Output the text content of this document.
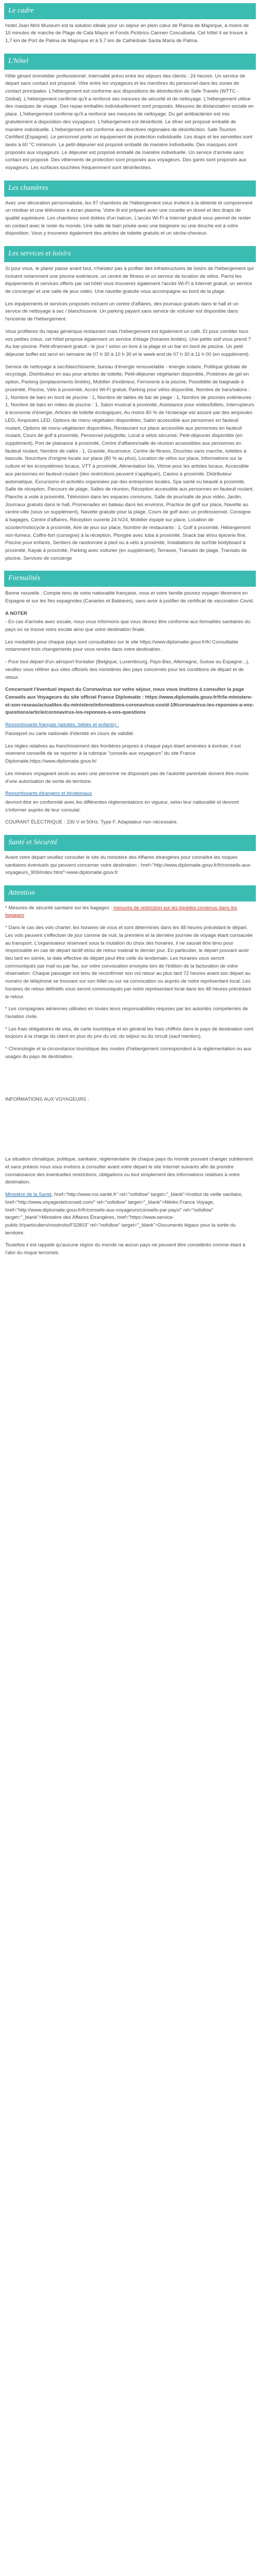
Le cadre

Hotel Joan Miró Museum est la solution idéale pour un séjour en plein cœur de Palma de Majorque, à moins de 10 minutes de marche de Plage de Cala Mayor et Fonds Pictòrics Carmen Cosculluela. Cet hôtel 4 se trouve à 1,7 km de Port de Palma de Majorque et à 5,7 km de Cathédrale Santa María de Palma.

L'hôtel

Hôte gérant immobilier professionnel. Internalité prévu entre les séjours des clients : 24 heures. Un service de départ sans contact est proposé. Vitre entre les voyageurs et les membres du personnel dans les zones de contact principales. L'hébergement est conforme aux dispositions de désinfection de Safe Travels (WTTC - Global). L'hébergement confirme qu'il a renforcé ses mesures de sécurité et de nettoyage. L'hébergement utilise des masques de visage. Des repas emballés individuellement sont proposés. Mesures de distanciation sociale en place. L'hébergement confirme qu'il a renforcé ses mesures de nettoyage. Du gel antibactérien est mis gratuitement à disposition des voyageurs. L'hébergement est désinfecté. Le dîner est proposé emballé de manière individuelle. L'hébergement est conforme aux directives régionales de désinfection. Safe Tourism Certified (Espagne). Le personnel porte un équipement de protection individuelle. Les draps et les serviettes sont lavés à 60 °C minimum. Le petit-déjeuner est proposé emballé de manière individuelle. Des masques sont proposés aux voyageurs. Le déjeuner est proposé emballé de manière individuelle. Un service d'arrivée sans contact est proposé. Des vêtements de protection sont proposés aux voyageurs. Des gants sont proposés aux voyageurs. Les surfaces touchées fréquemment sont désinfectées.

Les chambres

Avec une décoration personnalisée, les 97 chambres de l'hébergement vous invitent à la détente et comprennent un minibar et une télévision à écran plasma. Votre lit est préparé avec une couette en duvet et des draps de qualité supérieure. Les chambres sont dotées d'un balcon. L'accès Wi-Fi à Internet gratuit vous permet de rester en contact avec le reste du monde. Une salle de bain privée avec une baignoire ou une douche est à votre disposition. Vous y trouverez également des articles de toilette gratuits et un sèche-cheveux.

Les services et loisirs

Si pour vous, le plaisir passe avant tout, n'hésitez pas à profiter des infrastructures de loisirs de l'hébergement qui incluent notamment une piscine extérieure, un centre de fitness et un service de location de vélos. Parmi les équipements et services offerts par cet hôtel vous trouverez également l'accès Wi-Fi à Internet gratuit, un service de concierge/ et une salle de jeux vidéo. Une navette gratuite vous accompagne au bord de la plage.

Les équipements et services proposés incluent un centre d'affaires, des journaux gratuits dans le hall et un service de nettoyage à sec / blanchisserie. Un parking payant sans service de voiturier est disponible dans l'enceinte de l'hébergement.

Vous profiterez du repas générique restaurant mais l'hébergement est également un café. Et pour combler tous vos petites creux, cet hôtel propose également un service d'étage (horaires limités). Une petite soif vous prend ? Au bar-piscine. Petit-dînement gratuit - le jour / selon un livre à la plage et un bar en bord de piscine. Un petit déjeuner buffet est servi en semaine de 07 h 30 à 10 h 30 et le week-end de 07 h 30 à 11 h 00 (en supplément).

Service de nettoyage à sec/blanchisserie, bureau d'énergie renouvelable - énergie solaire, Politique globale de recyclage, Distributeur en eau pour articles de toilette, Petit-déjeuner végétarien disponible, Protéines de gel en option, Parking (emplacements limités), Mobilier d'extérieur, Ferronerie à la piscine, Possibilité de baignade à proximité, Piscine, Vélo à proximité, Accès Wi-Fi gratuit, Parking pour vélos disponible, Nombre de bars/salons : 1, Nombre de bars en bord de piscine : 1, Nombre de tables de bar de plage : 1, Nombre de piscines extérieures : 1, Nombre de bars en milieu de piscine : 1, Salon musical à proximité, Assistance pour visites/billets, Interrupteurs à économie d'énergie, Articles de toilette écologiques, Au moins 80 % de l'éclairage est assuré par des ampoules LED, Ampoules LED, Options de menu végétalien disponibles, Salon accessible aux personnes en fauteuil roulant, Options de menu végétarien disponibles, Restaurant sur place accessible aux personnes en fauteuil roulant, Cours de golf à proximité, Personnel polyglotte, Local à vélos sécurisé, Petit-déjeuner disponible (en supplément), Port de plaisance à proximité, Centre d'affaires/salle de réunion accessibles aux personnes en fauteuil roulant, Nombre de cafés : 1, Gravide, Ascenseur, Centre de fitness, Douches sans marche, toilettes à bascule, Nourriture d'origine locale sur place (80 % au plus), Location de vélos sur place, Informations sur la culture et les écosystèmes locaux, VTT à proximité, Alimentation bio, Vitrine pour les artistes locaux, Accessible aux personnes en fauteuil roulant (des restrictions peuvent s'appliquer), Casino à proximité, Distributeur automatique, Excursions et activités organisées par des entreprises locales, Spa santé ou beauté à proximité, Salle de réception, Parcours de plage, Salles de réunion, Réception accessible aux personnes en fauteuil roulant, Planche à voile à proximité, Télévision dans les espaces communs, Salle de jeux/salle de jeux vidéo, Jardin, Journaux gratuits dans le hall, Promenades en bateau dans les environs, Practice de golf sur place, Navette au centre-ville (sous un supplément), Navette gratuite pour la plage, Cours de golf avec un professionnel, Consigne à bagages, Centre d'affaires, Réception ouverte 24 h/24, Mobilier équipé sur place, Location de scooter/motocycle à proximité, Aire de jeux sur place, Nombre de restaurants : 1, Golf à proximité, Hébergement non-fumeur, Coffre-fort (consigne) à la réception, Plongée avec tuba à proximité, Snack bar et/ou épicerie fine, Piscine pour enfants, Sentiers de randonnée à pied ou à vélo à proximité, Installations de surf/de bodyboard à proximité, Kayak à proximité, Parking avec voiturier (en supplément), Terrasse, Transats de plage, Transats de piscine, Services de concierge

Formalités

Bonne nouvelle ; Compte tenu de votre nationalité française, vous et votre famille pouvez voyager librement en Espagne et sur les îles espagnoles (Canaries et Baléares), sans avoir à justifier de certificat de vaccination Covid.

A NOTER

- En cas d'arrivée avec escale, nous vous informons que vous devrez être conforme aux formalités sanitaires du pays où se trouve votre escale ainsi que votre destination finale.

Les modalités pour chaque pays sont consultables sur le site https://www.diplomatie.gouv.fr/fr/ Consultable notamment trois changements pour vous rendre dans votre destination.

- Pour tout départ d'un aéroport frontalier (Belgique, Luxembourg, Pays-Bas, Allemagne, Suisse ou Espagne...), veuillez vous référer aux sites officiels des ministères des pays concernés pour les conditions de départ et de retour.

Concernant l'éventuel impact du Coronavirus sur votre séjour, nous vous invitons à consulter la page Conseils aux Voyageurs du site officiel France Diplomatie : https://www.diplomatie.gouv.fr/fr/le-ministere-et-son-reseau/actualites-du-ministere/informations-coronavirus-covid-19/coronavirus-les-reponses-a-vos-questions/article/coronavirus-les-reponses-a-vos-questions

Ressortissants français (adultes, bébés et enfants) :

Passeport ou carte nationale d'identité en cours de validité.

Les règles relatives au franchissement des frontières propres à chaque pays étant amenées à évoluer, il est vivement conseillé de se reporter à la rubrique "conseils aux voyageurs" du site France Diplomatie,https://www.diplomatie.gouv.fr/

Les mineurs voyageant seuls ou avec une personne ne disposant pas de l'autorité parentale doivent être munis d'une autorisation de sortie de territoire.

Ressortissants étrangers et binationaux

devront être en conformité avec les différentes réglementations en vigueur, selon leur nationalité et devront s'informer auprès de leur consulat.

COURANT ÉLECTRIQUE : 230 V et 50Hz. Type F. Adaptateur non nécessaire.

Santé et Sécurité

Avant votre départ veuillez consulter le site du ministère des Affaires étrangères pour connaître les risques sanitaires éventuels qui peuvent concerner votre destination : href="http://www.diplomatie.gouv.fr/fr/conseils-aux-voyageurs_909/index.html">www.diplomatie.gouv.fr

Attention

* Mesures de sécurité sanitaire sur les bagages : mesures de restriction sur les liquides contenus dans les bagages

* Dans le cas des vols charter, les horaires de vous et sont déterminés dans les 48 heures précédant le départ. Les vols peuvent s'effectuer de jour comme de nuit, la première et la dernière journée de voyage étant consacrée au transport. L'organisateur réservant sous la mutation du choix des horaires, il ne saurait être tenu pour responsable en cas de départ tardif et/ou de retour matinal le dernier jour. En particulier, le départ pouvant avoir lieu tard en soirée, la date effective de départ peut être celle du lendemain. Les horaires vous seront communiqués par mail ou par fax, sur votre convocation envoyée lors de l'édition de la facturation de votre réservation. Chaque passager est tenu de reconfirmer son vol retour au plus tard 72 heures avant son départ au numéro de téléphone se trouvant sur son billet ou sur sa convocation ou auprès de notre représentant local. Les horaires de retour définitifs vous seront communiqués par notre représentant local dans les 48 heures précédant le retour.

* Les compagnies aériennes utilisées en toutes leurs responsabilités requises par les autorités compétentes de l'aviation civile.

* Les frais obligatoires de visa, de carte touristique et en général les frais chiffrés dans le pays de destination sont toujours à la charge du client en plus du prix du vol, du séjour ou du circuit (sauf mention).

* Chronologie et la circonstance touristique des modes d'hébergement correspondent à la réglementation ou aux usages du pays de destination.

INFORMATIONS AUX VOYAGEURS :

La situation climatique, politique, sanitaire, réglementaire de chaque pays du monde pouvant changer subitement et sans préavis nous vous invitons à consulter avant votre départ le site Internet suivants afin de prendre connaissance des éventuelles restrictions, obligations ou tout simplement des informations relatives à votre destination.

Ministère de la Santé, href="http://www.rns.santé.fr" rel="nofollow" target="_blank">Institut de veille sanitaire, href="http://www.voyagestelconseil.com/" rel="nofollow" target="_blank">Météo France Voyage, href="http://www.diplomatie.gouv.fr/fr/conseils-aux-voyageurs/conseils-par-pays/" rel="nofollow" target="_blank">Ministère des Affaires Étrangères, href="https://www.service-public.fr/particuliers/vosdroits/F32803" rel="nofollow" target="_blank">Documents légaux pour la sortie du territoire.

Toutefois il est rappelé qu'aucune région du monde ne aucun pays ne peuvent être considérés comme étant à l'abri du risque terroriste.
